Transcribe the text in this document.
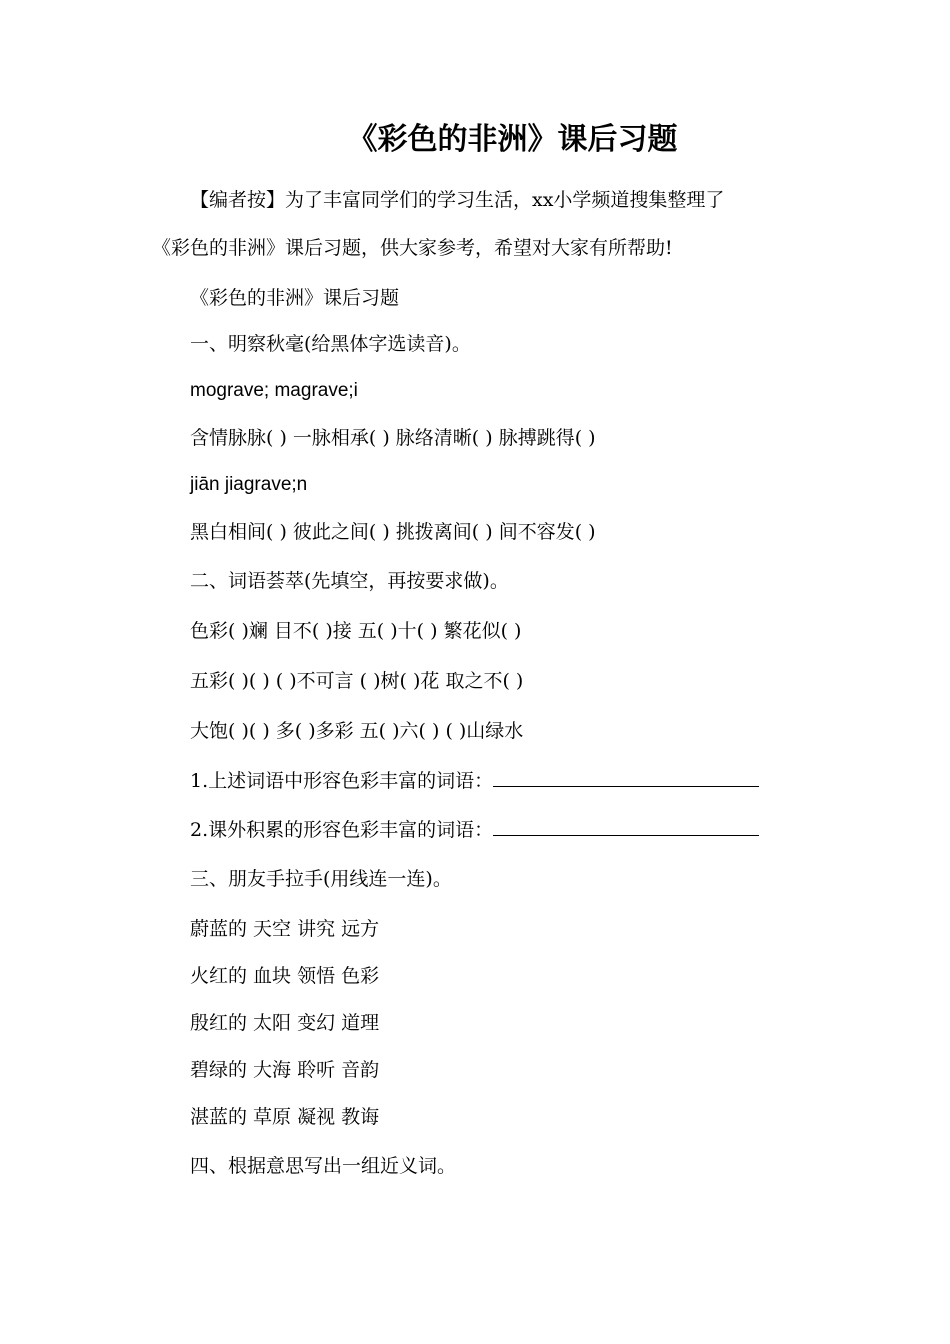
《彩色的非洲》课后习题
【编者按】为了丰富同学们的学习生活，xx小学频道搜集整理了
《彩色的非洲》课后习题，供大家参考，希望对大家有所帮助!
《彩色的非洲》课后习题
一、明察秋毫(给黑体字选读音)。
mograve; magrave;i
含情脉脉( ) 一脉相承( ) 脉络清晰( ) 脉搏跳得( )
jiān jiagrave;n
黑白相间( ) 彼此之间( ) 挑拨离间( ) 间不容发( )
二、词语荟萃(先填空，再按要求做)。
色彩( )斓 目不( )接 五( )十( ) 繁花似( )
五彩( )( ) ( )不可言 ( )树( )花 取之不( )
大饱( )( ) 多( )多彩 五( )六( ) ( )山绿水
1.上述词语中形容色彩丰富的词语：
2.课外积累的形容色彩丰富的词语：
三、朋友手拉手(用线连一连)。
蔚蓝的 天空 讲究 远方
火红的 血块 领悟 色彩
殷红的 太阳 变幻 道理
碧绿的 大海 聆听 音韵
湛蓝的 草原 凝视 教诲
四、根据意思写出一组近义词。
